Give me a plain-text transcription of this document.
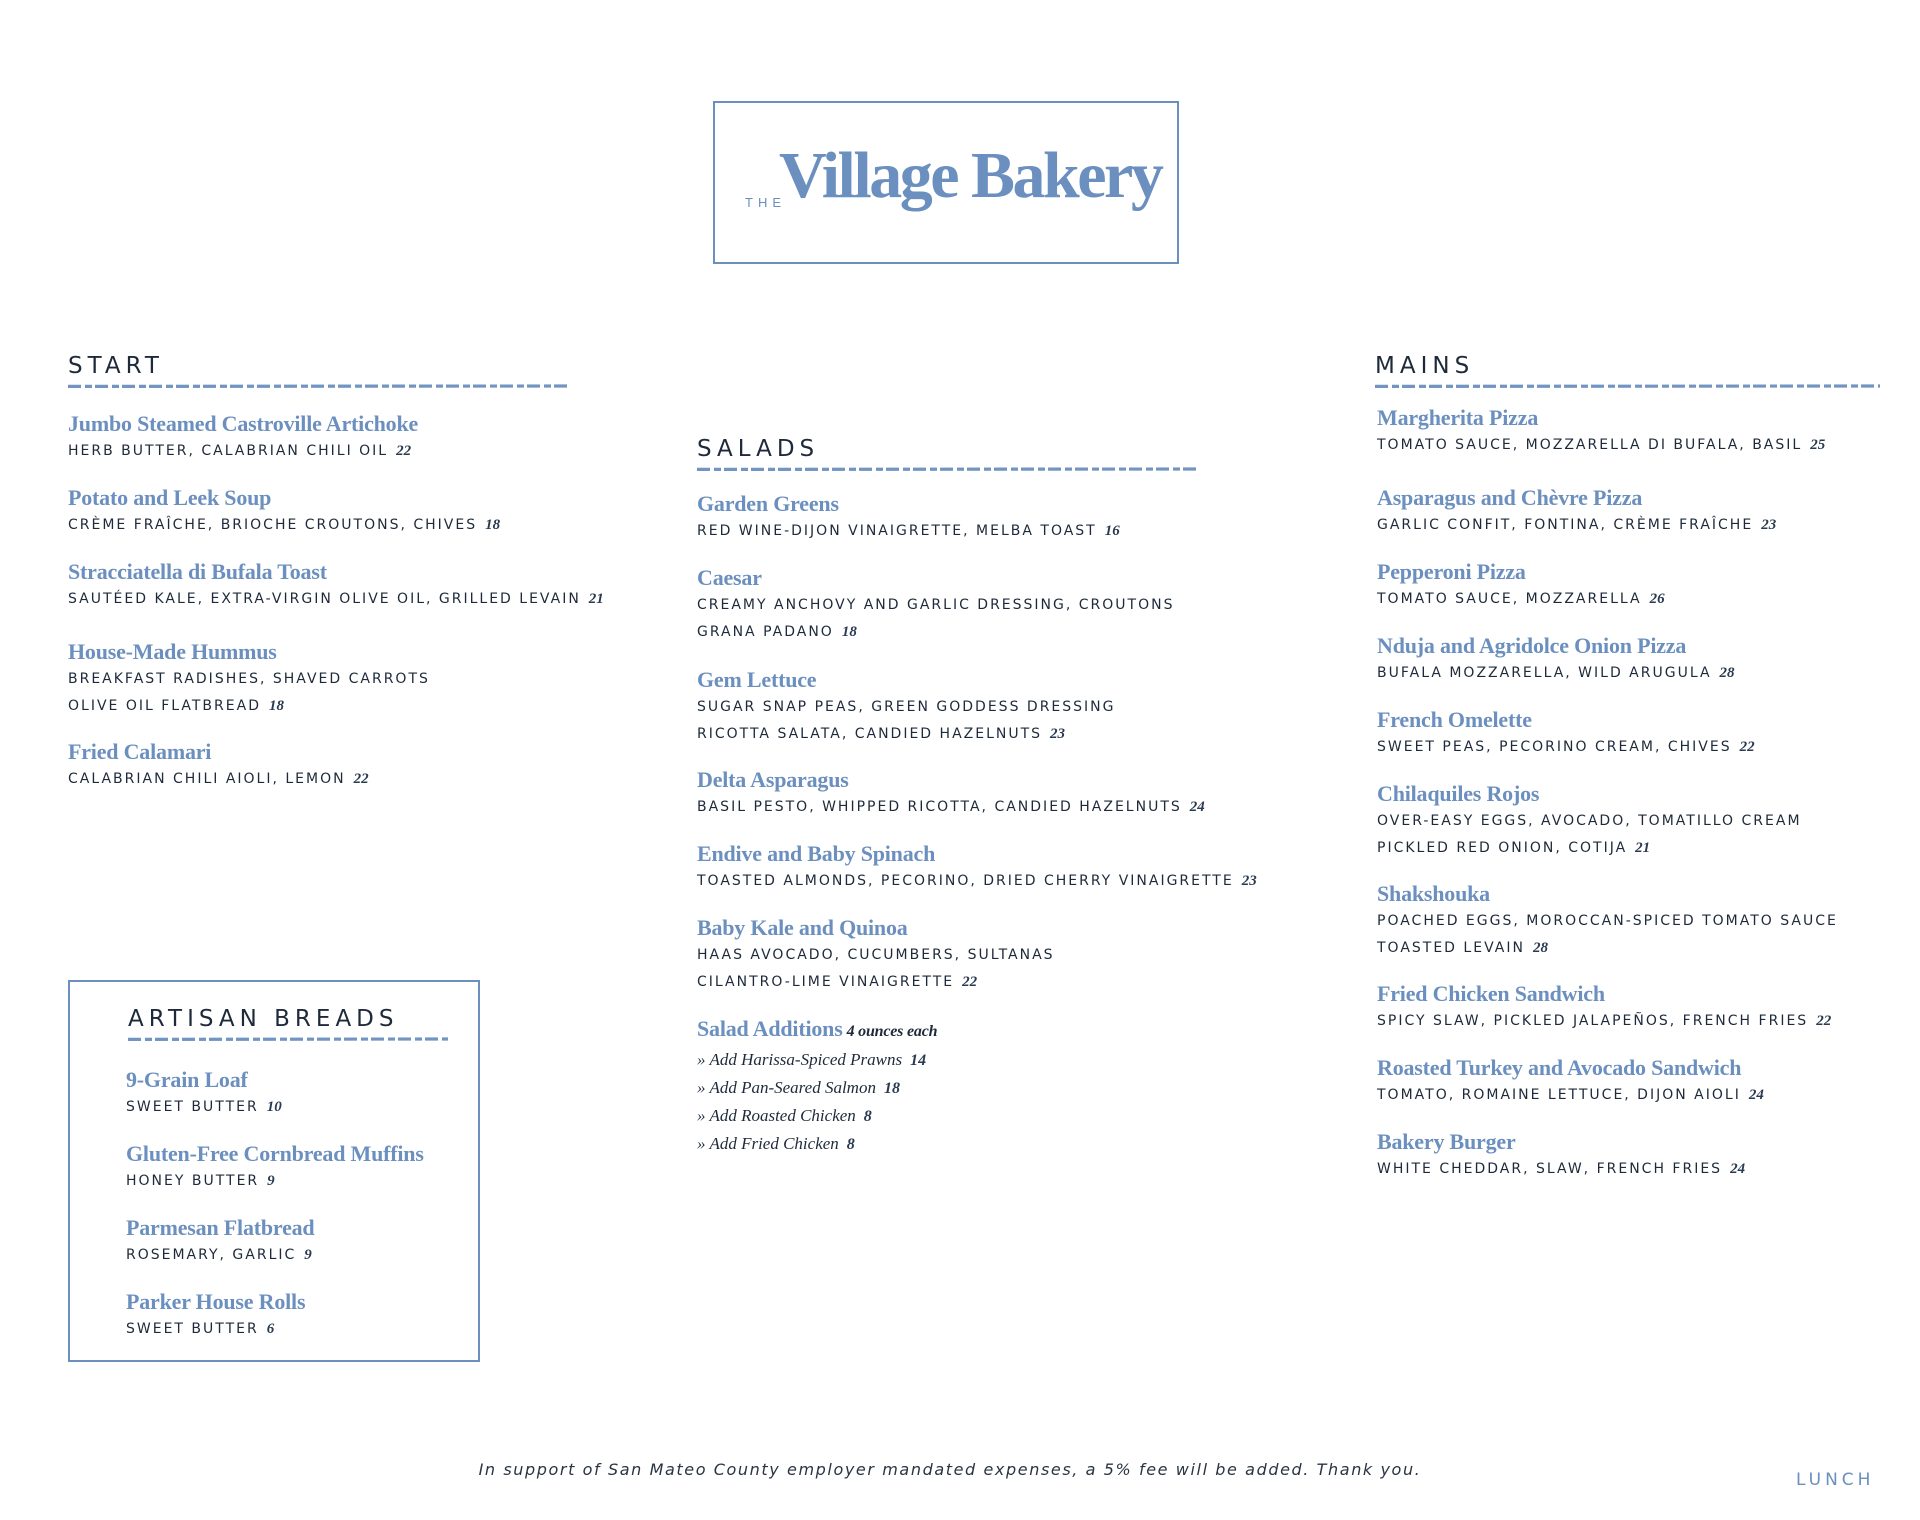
THE
Village Bakery
START
Jumbo Steamed Castroville Artichoke
HERB BUTTER, CALABRIAN CHILI OIL 22
Potato and Leek Soup
CRÈME FRAÎCHE, BRIOCHE CROUTONS, CHIVES 18
Stracciatella di Bufala Toast
SAUTÉED KALE, EXTRA-VIRGIN OLIVE OIL, GRILLED LEVAIN 21
House-Made Hummus
BREAKFAST RADISHES, SHAVED CARROTS
OLIVE OIL FLATBREAD 18
Fried Calamari
CALABRIAN CHILI AIOLI, LEMON 22
ARTISAN BREADS
9-Grain Loaf
SWEET BUTTER 10
Gluten-Free Cornbread Muffins
HONEY BUTTER 9
Parmesan Flatbread
ROSEMARY, GARLIC 9
Parker House Rolls
SWEET BUTTER 6
SALADS
Garden Greens
RED WINE-DIJON VINAIGRETTE, MELBA TOAST 16
Caesar
CREAMY ANCHOVY AND GARLIC DRESSING, CROUTONS
GRANA PADANO 18
Gem Lettuce
SUGAR SNAP PEAS, GREEN GODDESS DRESSING
RICOTTA SALATA, CANDIED HAZELNUTS 23
Delta Asparagus
BASIL PESTO, WHIPPED RICOTTA, CANDIED HAZELNUTS 24
Endive and Baby Spinach
TOASTED ALMONDS, PECORINO, DRIED CHERRY VINAIGRETTE 23
Baby Kale and Quinoa
HAAS AVOCADO, CUCUMBERS, SULTANAS
CILANTRO-LIME VINAIGRETTE 22
Salad Additions 4 ounces each
» Add Harissa-Spiced Prawns 14
» Add Pan-Seared Salmon 18
» Add Roasted Chicken 8
» Add Fried Chicken 8
MAINS
Margherita Pizza
TOMATO SAUCE, MOZZARELLA DI BUFALA, BASIL 25
Asparagus and Chèvre Pizza
GARLIC CONFIT, FONTINA, CRÈME FRAÎCHE 23
Pepperoni Pizza
TOMATO SAUCE, MOZZARELLA 26
Nduja and Agridolce Onion Pizza
BUFALA MOZZARELLA, WILD ARUGULA 28
French Omelette
SWEET PEAS, PECORINO CREAM, CHIVES 22
Chilaquiles Rojos
OVER-EASY EGGS, AVOCADO, TOMATILLO CREAM
PICKLED RED ONION, COTIJA 21
Shakshouka
POACHED EGGS, MOROCCAN-SPICED TOMATO SAUCE
TOASTED LEVAIN 28
Fried Chicken Sandwich
SPICY SLAW, PICKLED JALAPEÑOS, FRENCH FRIES 22
Roasted Turkey and Avocado Sandwich
TOMATO, ROMAINE LETTUCE, DIJON AIOLI 24
Bakery Burger
WHITE CHEDDAR, SLAW, FRENCH FRIES 24
In support of San Mateo County employer mandated expenses, a 5% fee will be added. Thank you.
LUNCH
